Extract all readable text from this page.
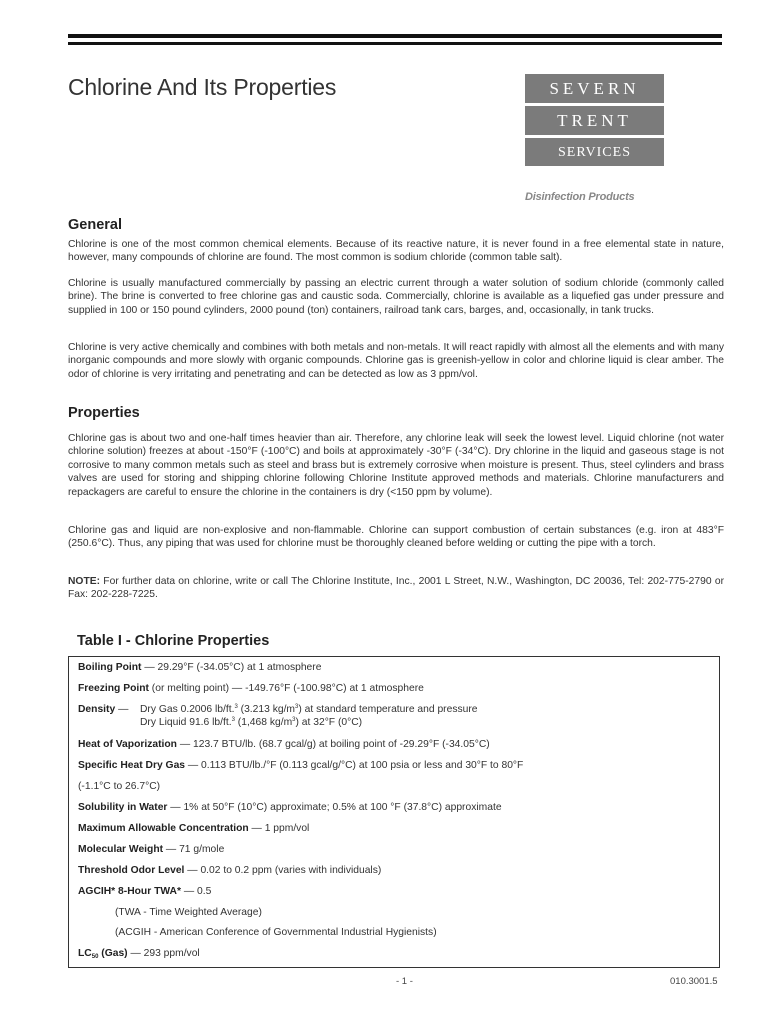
Chlorine And Its Properties	SEVERN
TRENT
SERVICES
Disinfection Products
General
Chlorine is one of the most common chemical elements. Because of its reactive nature, it is never found in a free elemental state in nature, however, many compounds of chlorine are found. The most common is sodium chloride (common table salt).
Chlorine is usually manufactured commercially by passing an electric current through a water solution of sodium chloride (commonly called brine). The brine is converted to free chlorine gas and caustic soda. Commercially, chlorine is available as a liquefied gas under pressure and supplied in 100 or 150 pound cylinders, 2000 pound (ton) containers, railroad tank cars, barges, and, occasionally, in tank trucks.
Chlorine is very active chemically and combines with both metals and non-metals. It will react rapidly with almost all the elements and with many inorganic compounds and more slowly with organic compounds. Chlorine gas is greenish-yellow in color and chlorine liquid is clear amber. The odor of chlorine is very irritating and penetrating and can be detected as low as 3 ppm/vol.
Properties
Chlorine gas is about two and one-half times heavier than air. Therefore, any chlorine leak will seek the lowest level. Liquid chlorine (not water chlorine solution) freezes at about -150°F (-100°C) and boils at approximately -30°F (-34°C). Dry chlorine in the liquid and gaseous stage is not corrosive to many common metals such as steel and brass but is extremely corrosive when moisture is present. Thus, steel cylinders and brass valves are used for storing and shipping chlorine following Chlorine Institute approved methods and materials. Chlorine manufacturers and repackagers are careful to ensure the chlorine in the containers is dry (<150 ppm by volume).
Chlorine gas and liquid are non-explosive and non-flammable. Chlorine can support combustion of certain substances (e.g. iron at 483°F (250.6°C). Thus, any piping that was used for chlorine must be thoroughly cleaned before welding or cutting the pipe with a torch.
NOTE: For further data on chlorine, write or call The Chlorine Institute, Inc., 2001 L Street, N.W., Washington, DC 20036, Tel: 202-775-2790 or Fax: 202-228-7225.
Table I - Chlorine Properties
Boiling Point — 29.29°F (-34.05°C) at 1 atmosphere
Freezing Point (or melting point) — -149.76°F (-100.98°C) at 1 atmosphere
Density — Dry Gas 0.2006 lb/ft.$^3$ (3.213 $kg/m^3$) at standard temperature and pressure
Dry Liquid 91.6 lb/ft.$^3$ (1,468 $kg/m^3$) at 32°F (0°C)
Heat of Vaporization — 123.7 BTU/lb. (68.7 gcal/g) at boiling point of -29.29°F (-34.05°C)
Specific Heat Dry Gas — 0.113 BTU/lb./°F (0.113 gcal/g/°C) at 100 psia or less and 30°F to 80°F
(-1.1°C to 26.7°C)
Solubility in Water — 1% at 50°F (10°C) approximate; 0.5% at 100 °F (37.8°C) approximate
Maximum Allowable Concentration — 1 ppm/vol
Molecular Weight — 71 g/mole
Threshold Odor Level — 0.02 to 0.2 ppm (varies with individuals)
AGCIH* 8-Hour TWA* — 0.5
(TWA - Time Weighted Average)
(ACGIH - American Conference of Governmental Industrial Hygienists)
$LC_{50}$ (Gas) — 293 ppm/vol
- 1 -	010.3001.5
